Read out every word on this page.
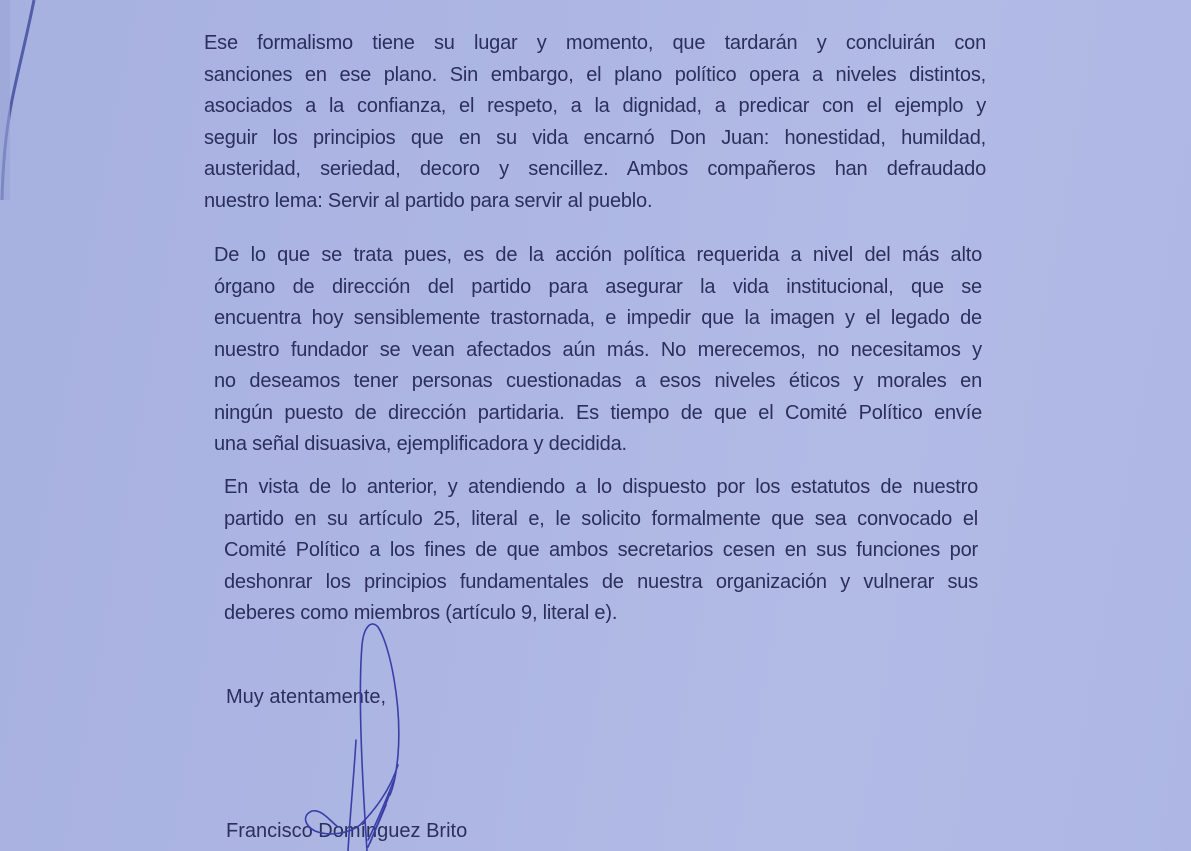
Ese formalismo tiene su lugar y momento, que tardarán y concluirán con
sanciones en ese plano. Sin embargo, el plano político opera a niveles distintos,
asociados a la confianza, el respeto, a la dignidad, a predicar con el ejemplo y
seguir los principios que en su vida encarnó Don Juan: honestidad, humildad,
austeridad, seriedad, decoro y sencillez. Ambos compañeros han defraudado
nuestro lema: Servir al partido para servir al pueblo.
De lo que se trata pues, es de la acción política requerida a nivel del más alto
órgano de dirección del partido para asegurar la vida institucional, que se
encuentra hoy sensiblemente trastornada, e impedir que la imagen y el legado de
nuestro fundador se vean afectados aún más. No merecemos, no necesitamos y
no deseamos tener personas cuestionadas a esos niveles éticos y morales en
ningún puesto de dirección partidaria. Es tiempo de que el Comité Político envíe
una señal disuasiva, ejemplificadora y decidida.
En vista de lo anterior, y atendiendo a lo dispuesto por los estatutos de nuestro
partido en su artículo 25, literal e, le solicito formalmente que sea convocado el
Comité Político a los fines de que ambos secretarios cesen en sus funciones por
deshonrar los principios fundamentales de nuestra organización y vulnerar sus
deberes como miembros (artículo 9, literal e).
Muy atentamente,
Francisco Domínguez Brito
